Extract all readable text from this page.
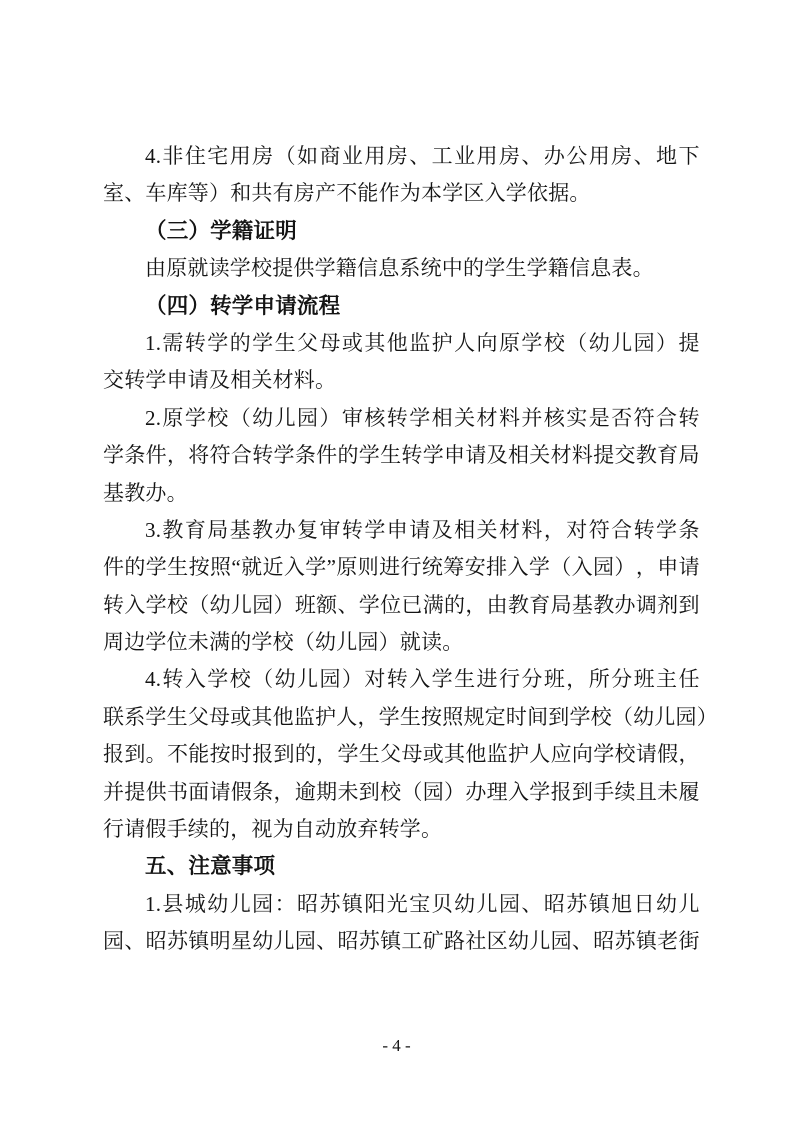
4. 非 住 宅 用 房 （ 如 商 业 用 房 、 工 业 用 房 、 办 公 用 房 、 地 下
室、车库等）和共有房产不能作为本学区入学依据。
（三）学籍证明
由原就读学校提供学籍信息系统中的学生学籍信息表。
（四）转学申请流程
1. 需 转 学 的 学 生 父 母 或 其 他 监 护 人 向 原 学 校 （ 幼 儿 园 ） 提
交转学申请及相关材料。
2. 原 学 校 （ 幼 儿 园 ） 审 核 转 学 相 关 材 料 并 核 实 是 否 符 合 转
学 条 件 ， 将 符 合 转 学 条 件 的 学 生 转 学 申 请 及 相 关 材 料 提 交 教 育 局
基教办。
3. 教 育 局 基 教 办 复 审 转 学 申 请 及 相 关 材 料 ， 对 符 合 转 学 条
件 的 学 生 按 照 “ 就 近 入 学 ” 原 则 进 行 统 筹 安 排 入 学 （ 入 园 ） ， 申 请
转 入 学 校 （ 幼 儿 园 ） 班 额 、 学 位 已 满 的 ， 由 教 育 局 基 教 办 调 剂 到
周边学位未满的学校（幼儿园）就读。
4. 转 入 学 校 （ 幼 儿 园 ） 对 转 入 学 生 进 行 分 班 ， 所 分 班 主 任
联 系 学 生 父 母 或 其 他 监 护 人 ， 学 生 按 照 规 定 时 间 到 学 校 （ 幼 儿 园 ）
报 到 。 不 能 按 时 报 到 的 ， 学 生 父 母 或 其 他 监 护 人 应 向 学 校 请 假 ，
并 提 供 书 面 请 假 条 ， 逾 期 未 到 校 （ 园 ） 办 理 入 学 报 到 手 续 且 未 履
行请假手续的，视为自动放弃转学。
五、注意事项
1. 县 城 幼 儿 园 ： 昭 苏 镇 阳 光 宝 贝 幼 儿 园 、 昭 苏 镇 旭 日 幼 儿
园 、 昭 苏 镇 明 星 幼 儿 园 、 昭 苏 镇 工 矿 路 社 区 幼 儿 园 、 昭 苏 镇 老 街
- 4 -
